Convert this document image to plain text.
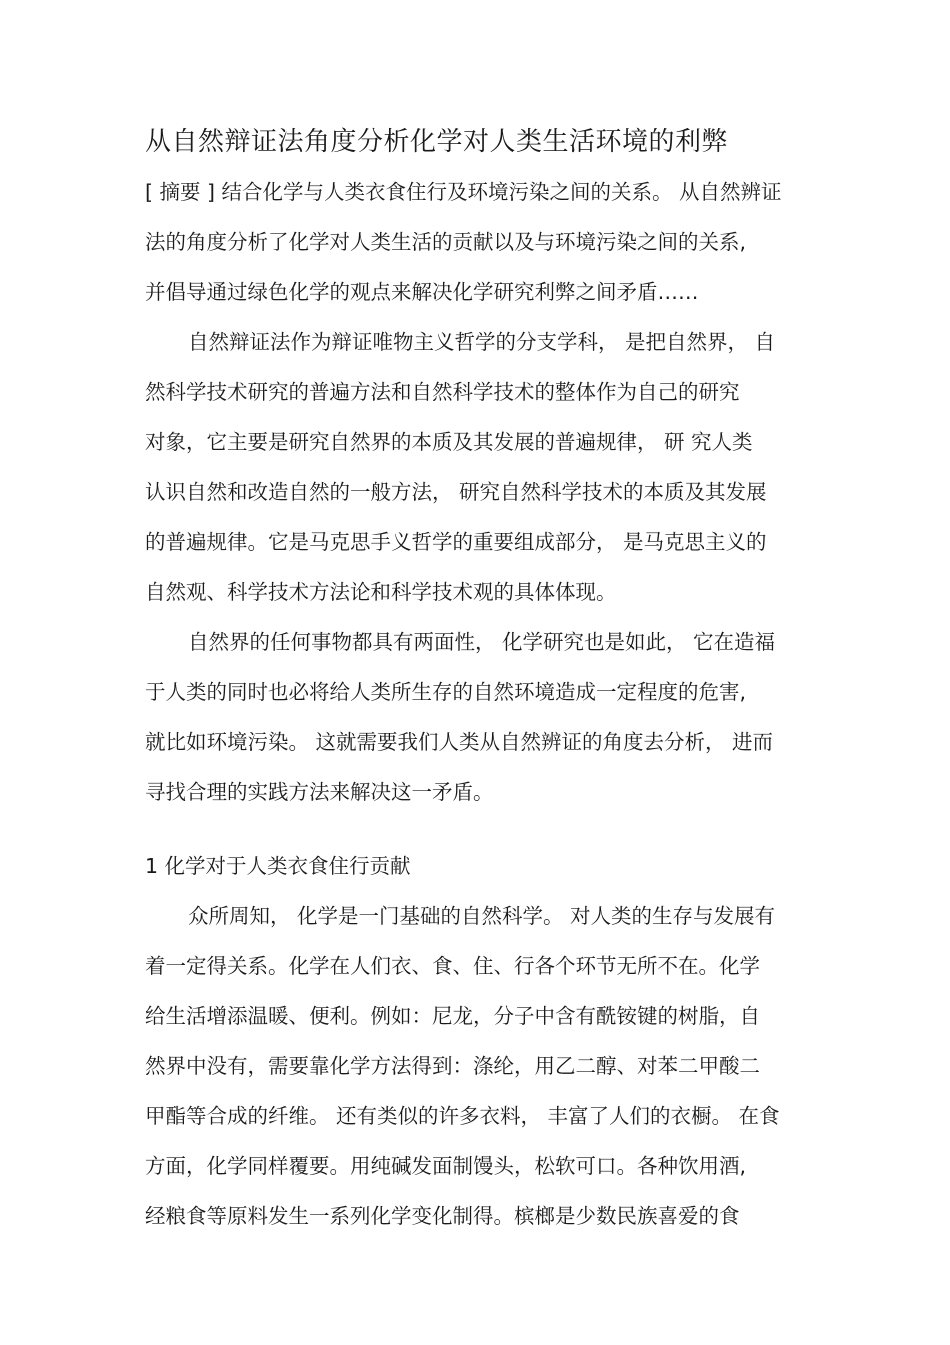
从自然辩证法角度分析化学对人类生活环境的利弊
[ 摘要 ] 结合化学与人类衣食住行及环境污染之间的关系。 从自然辨证
法的角度分析了化学对人类生活的贡献以及与环境污染之间的关系,
并倡导通过绿色化学的观点来解决化学研究利弊之间矛盾……
自然辩证法作为辩证唯物主义哲学的分支学科， 是把自然界， 自
然科学技术研究的普遍方法和自然科学技术的整体作为自己的研究
对象，它主要是研究自然界的本质及其发展的普遍规律， 研 究人类
认识自然和改造自然的一般方法， 研究自然科学技术的本质及其发展
的普遍规律。它是马克思手义哲学的重要组成部分， 是马克思主义的
自然观、科学技术方法论和科学技术观的具体体现。
自然界的任何事物都具有两面性， 化学研究也是如此， 它在造福
于人类的同时也必将给人类所生存的自然环境造成一定程度的危害,
就比如环境污染。 这就需要我们人类从自然辨证的角度去分析， 进而
寻找合理的实践方法来解决这一矛盾。
1 化学对于人类衣食住行贡献
众所周知， 化学是一门基础的自然科学。 对人类的生存与发展有
着一定得关系。化学在人们衣、食、住、行各个环节无所不在。化学
给生活增添温暖、便利。例如：尼龙，分子中含有酰铵键的树脂，自
然界中没有，需要靠化学方法得到：涤纶，用乙二醇、对苯二甲酸二
甲酯等合成的纤维。 还有类似的许多衣料， 丰富了人们的衣橱。 在食
方面，化学同样覆要。用纯碱发面制馒头，松软可口。各种饮用酒,
经粮食等原料发生一系列化学变化制得。槟榔是少数民族喜爱的食
